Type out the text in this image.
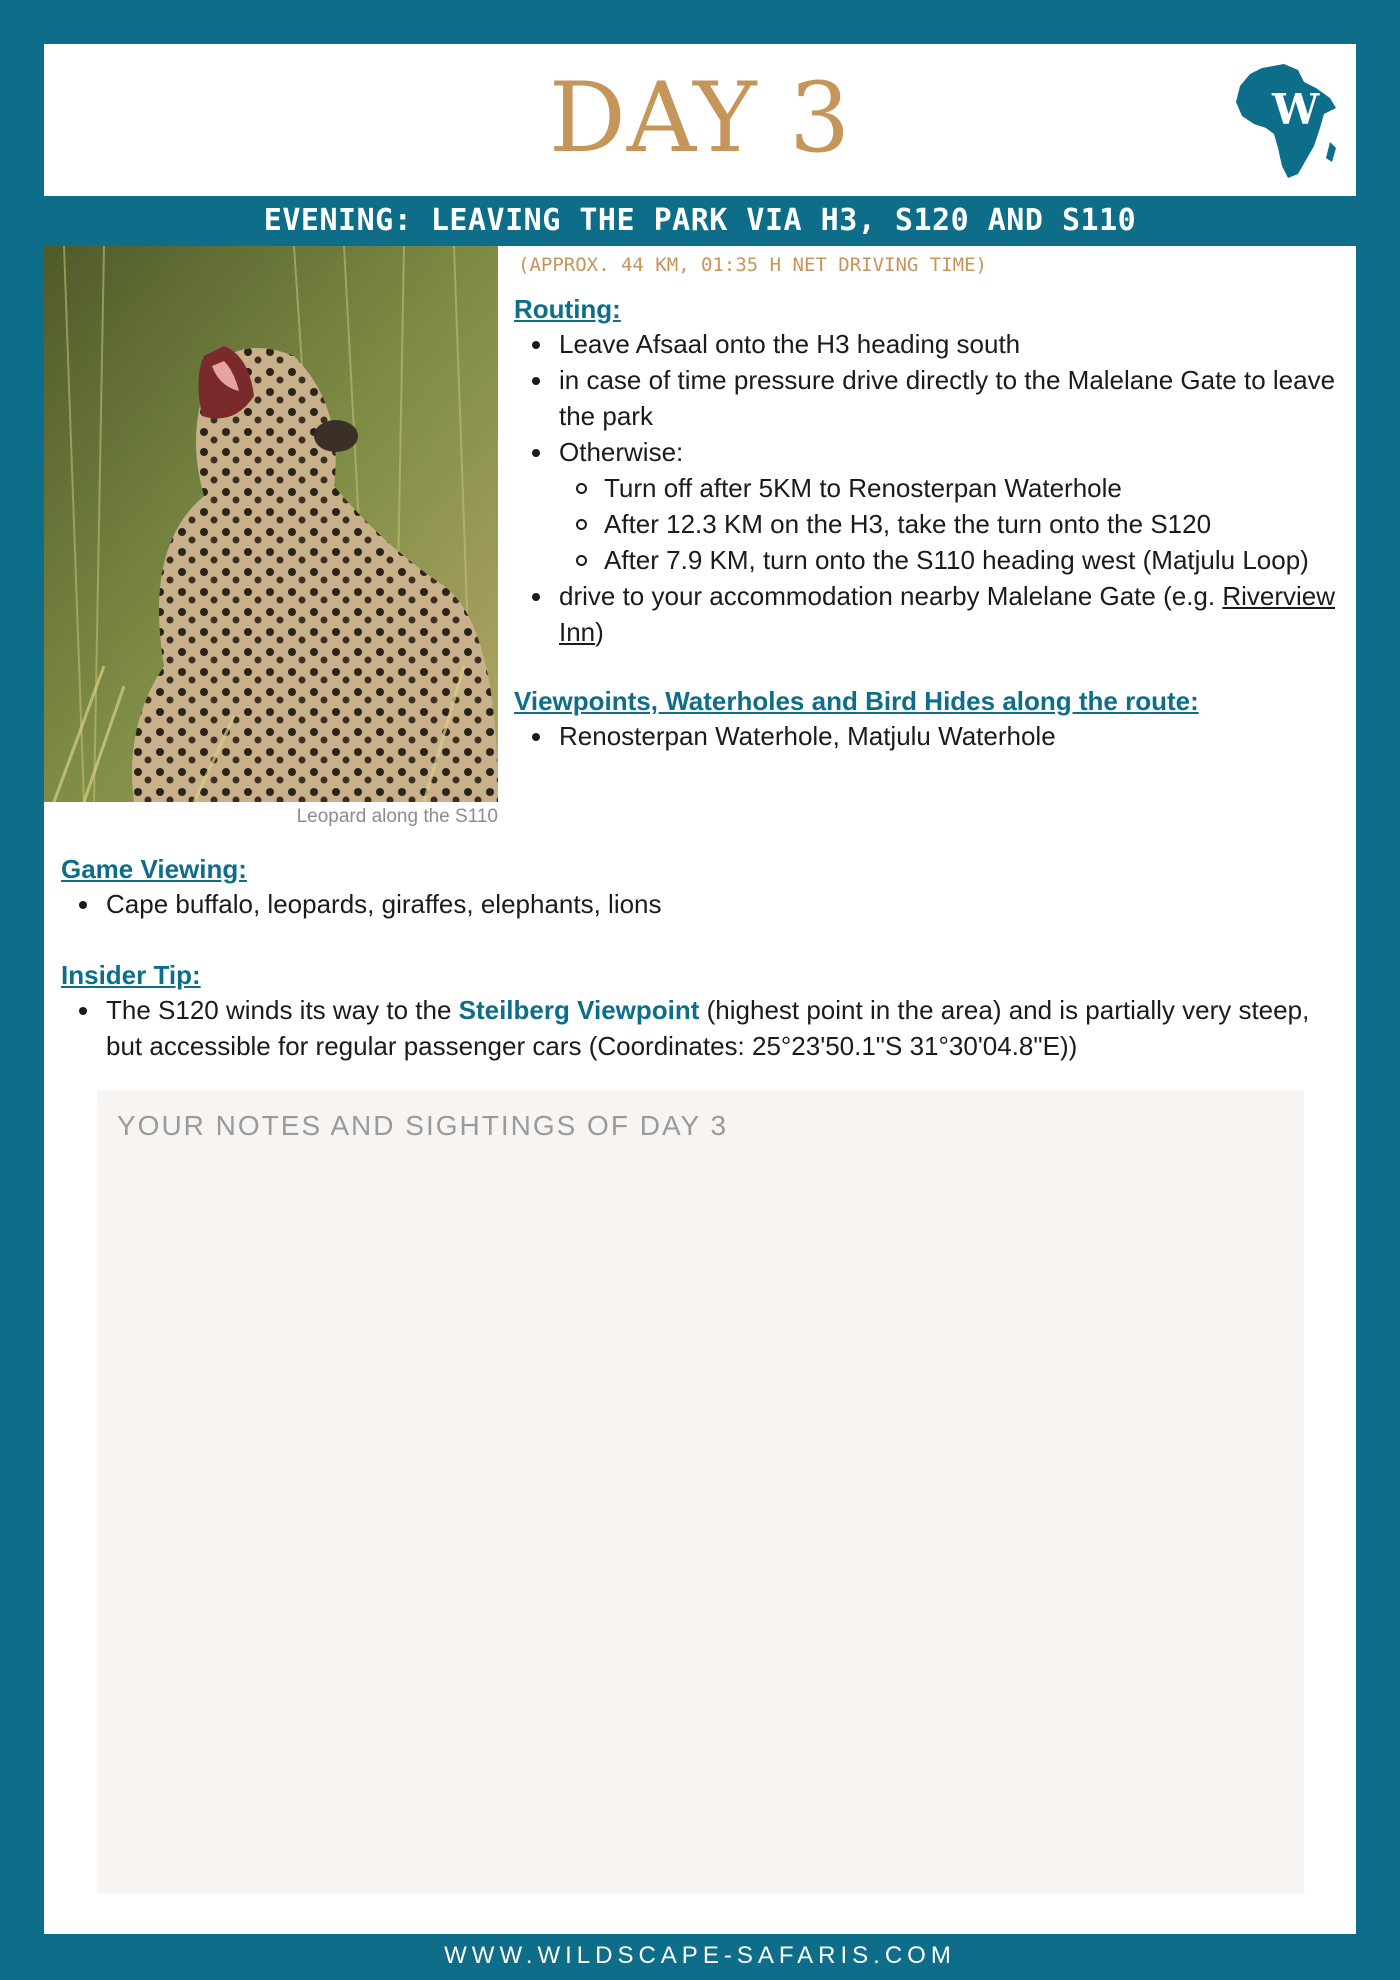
DAY 3	W
EVENING: LEAVING THE PARK VIA H3, S120 AND S110
Leopard along the S110
(APPROX. 44 KM, 01:35 H NET DRIVING TIME)
Routing:
Leave Afsaal onto the H3 heading south
in case of time pressure drive directly to the Malelane Gate to leave the park
Otherwise:
Turn off after 5KM to Renosterpan Waterhole
After 12.3 KM on the H3, take the turn onto the S120
After 7.9 KM, turn onto the S110 heading west (Matjulu Loop)
drive to your accommodation nearby Malelane Gate (e.g. Riverview Inn)
Viewpoints, Waterholes and Bird Hides along the route:
Renosterpan Waterhole, Matjulu Waterhole
Game Viewing:
Cape buffalo, leopards, giraffes, elephants, lions
Insider Tip:
The S120 winds its way to the Steilberg Viewpoint (highest point in the area) and is partially very steep, but accessible for regular passenger cars (Coordinates: 25°23'50.1"S 31°30'04.8"E))
YOUR NOTES AND SIGHTINGS OF DAY 3
WWW.WILDSCAPE-SAFARIS.COM
